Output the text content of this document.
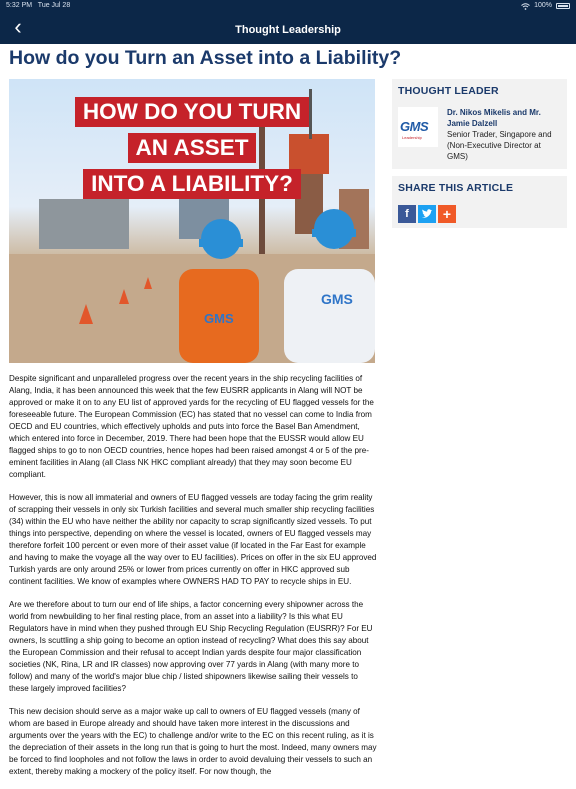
5:32 PM Tue Jul 28	100%
‹	Thought Leadership
How do you Turn an Asset into a Liability?
GMS
GMS
HOW DO YOU TURN
AN ASSET
INTO A LIABILITY?
THOUGHT LEADER
GMS
Leadership
Dr. Nikos Mikelis and Mr. Jamie Dalzell
Senior Trader, Singapore and (Non-Executive Director at GMS)
SHARE THIS ARTICLE
f	+

Despite significant and unparalleled progress over the recent years in the ship recycling facilities of Alang, India, it has been announced this week that the few EUSRR applicants in Alang will NOT be approved or make it on to any EU list of approved yards for the recycling of EU flagged vessels for the foreseeable future. The European Commission (EC) has stated that no vessel can come to India from OECD and EU countries, which effectively upholds and puts into force the Basel Ban Amendment, which entered into force in December, 2019. There had been hope that the EUSSR would allow EU flagged ships to go to non OECD countries, hence hopes had been raised amongst 4 or 5 of the pre-eminent facilities in Alang (all Class NK HKC compliant already) that they may soon become EU compliant.

However, this is now all immaterial and owners of EU flagged vessels are today facing the grim reality of scrapping their vessels in only six Turkish facilities and several much smaller ship recycling facilities (34) within the EU who have neither the ability nor capacity to scrap significantly sized vessels. To put things into perspective, depending on where the vessel is located, owners of EU flagged vessels may therefore forfeit 100 percent or even more of their asset value (if located in the Far East for example and having to make the voyage all the way over to EU facilities). Prices on offer in the six EU approved Turkish yards are only around 25% or lower from prices currently on offer in HKC approved sub continent facilities. We know of examples where OWNERS HAD TO PAY to recycle ships in EU.

Are we therefore about to turn our end of life ships, a factor concerning every shipowner across the world from newbuilding to her final resting place, from an asset into a liability? Is this what EU Regulators have in mind when they pushed through EU Ship Recycling Regulation (EUSRR)? For EU owners, Is scuttling a ship going to become an option instead of recycling? What does this say about the European Commission and their refusal to accept Indian yards despite four major classification societies (NK, Rina, LR and IR classes) now approving over 77 yards in Alang (with many more to follow) and many of the world's major blue chip / listed shipowners likewise sailing their vessels to these largely improved facilities?

This new decision should serve as a major wake up call to owners of EU flagged vessels (many of whom are based in Europe already and should have taken more interest in the discussions and arguments over the years with the EC) to challenge and/or write to the EC on this recent ruling, as it is the depreciation of their assets in the long run that is going to hurt the most. Indeed, many owners may be forced to find loopholes and not follow the laws in order to avoid devaluing their vessels to such an extent, thereby making a mockery of the policy itself. For now though, the
